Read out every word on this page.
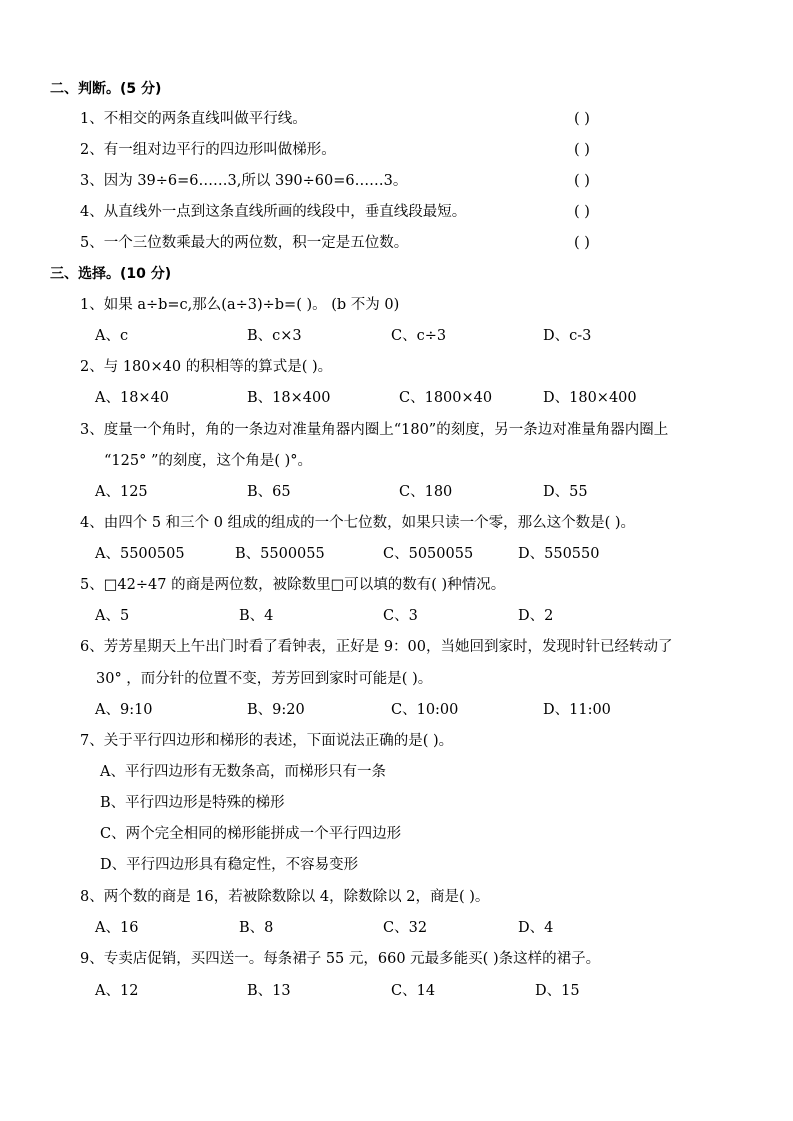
二、判断。(5 分)
1、不相交的两条直线叫做平行线。	( )
2、有一组对边平行的四边形叫做梯形。	( )
3、因为 39÷6=6……3,所以 390÷60=6……3。	( )
4、从直线外一点到这条直线所画的线段中，垂直线段最短。	( )
5、一个三位数乘最大的两位数，积一定是五位数。	( )
三、选择。(10 分)
1、如果 a÷b=c,那么(a÷3)÷b=( )。 (b 不为 0)
A、c	B、c×3	C、c÷3	D、c-3
2、与 180×40 的积相等的算式是( )。
A、18×40	B、18×400	C、1800×40	D、180×400
3、度量一个角时，角的一条边对准量角器内圈上“180”的刻度，另一条边对准量角器内圈上
“125° ”的刻度，这个角是( )°。
A、125	B、65	C、180	D、55
4、由四个 5 和三个 0 组成的组成的一个七位数，如果只读一个零，那么这个数是( )。
A、5500505	B、5500055	C、5050055	D、550550
5、□42÷47 的商是两位数，被除数里□可以填的数有( )种情况。
A、5	B、4	C、3	D、2
6、芳芳星期天上午出门时看了看钟表，正好是 9：00，当她回到家时，发现时针已经转动了
30° ，而分针的位置不变，芳芳回到家时可能是( )。
A、9:10	B、9:20	C、10:00	D、11:00
7、关于平行四边形和梯形的表述，下面说法正确的是( )。
A、平行四边形有无数条高，而梯形只有一条
B、平行四边形是特殊的梯形
C、两个完全相同的梯形能拼成一个平行四边形
D、平行四边形具有稳定性，不容易变形
8、两个数的商是 16，若被除数除以 4，除数除以 2，商是( )。
A、16	B、8	C、32	D、4
9、专卖店促销，买四送一。每条裙子 55 元，660 元最多能买( )条这样的裙子。
A、12	B、13	C、14	D、15
